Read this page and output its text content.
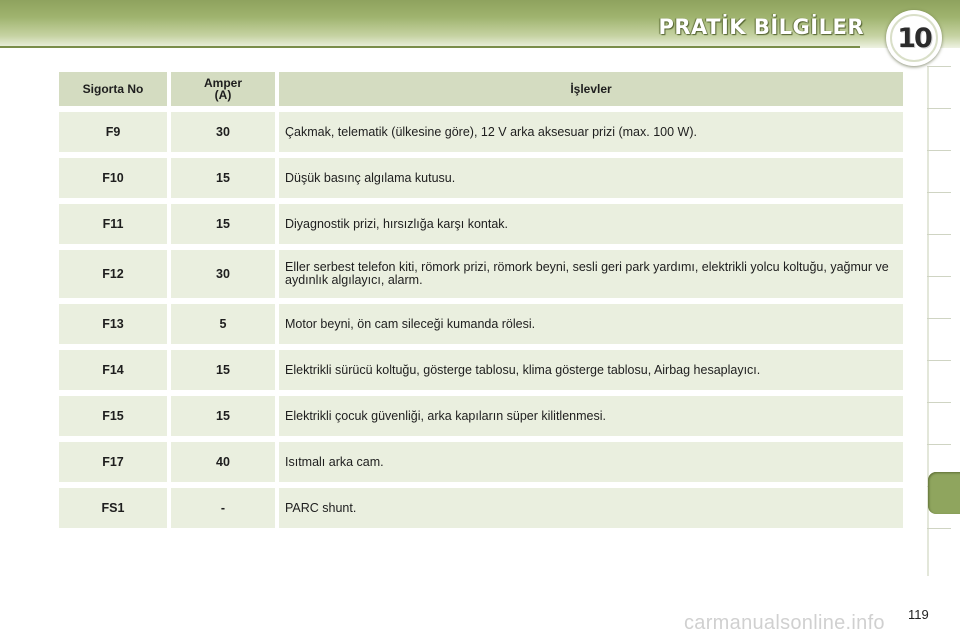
PRATİK BİLGİLER 10
Sigorta No	Amper (A)	İşlevler
F9	30	Çakmak, telematik (ülkesine göre), 12 V arka aksesuar prizi (max. 100 W).
F10	15	Düşük basınç algılama kutusu.
F11	15	Diyagnostik prizi, hırsızlığa karşı kontak.
F12	30	Eller serbest telefon kiti, römork prizi, römork beyni, sesli geri park yardımı, elektrikli yolcu koltuğu, yağmur ve aydınlık algılayıcı, alarm.
F13	5	Motor beyni, ön cam sileceği kumanda rölesi.
F14	15	Elektrikli sürücü koltuğu, gösterge tablosu, klima gösterge tablosu, Airbag hesaplayıcı.
F15	15	Elektrikli çocuk güvenliği, arka kapıların süper kilitlenmesi.
F17	40	Isıtmalı arka cam.
FS1	-	PARC shunt.
119
carmanualsonline.info
